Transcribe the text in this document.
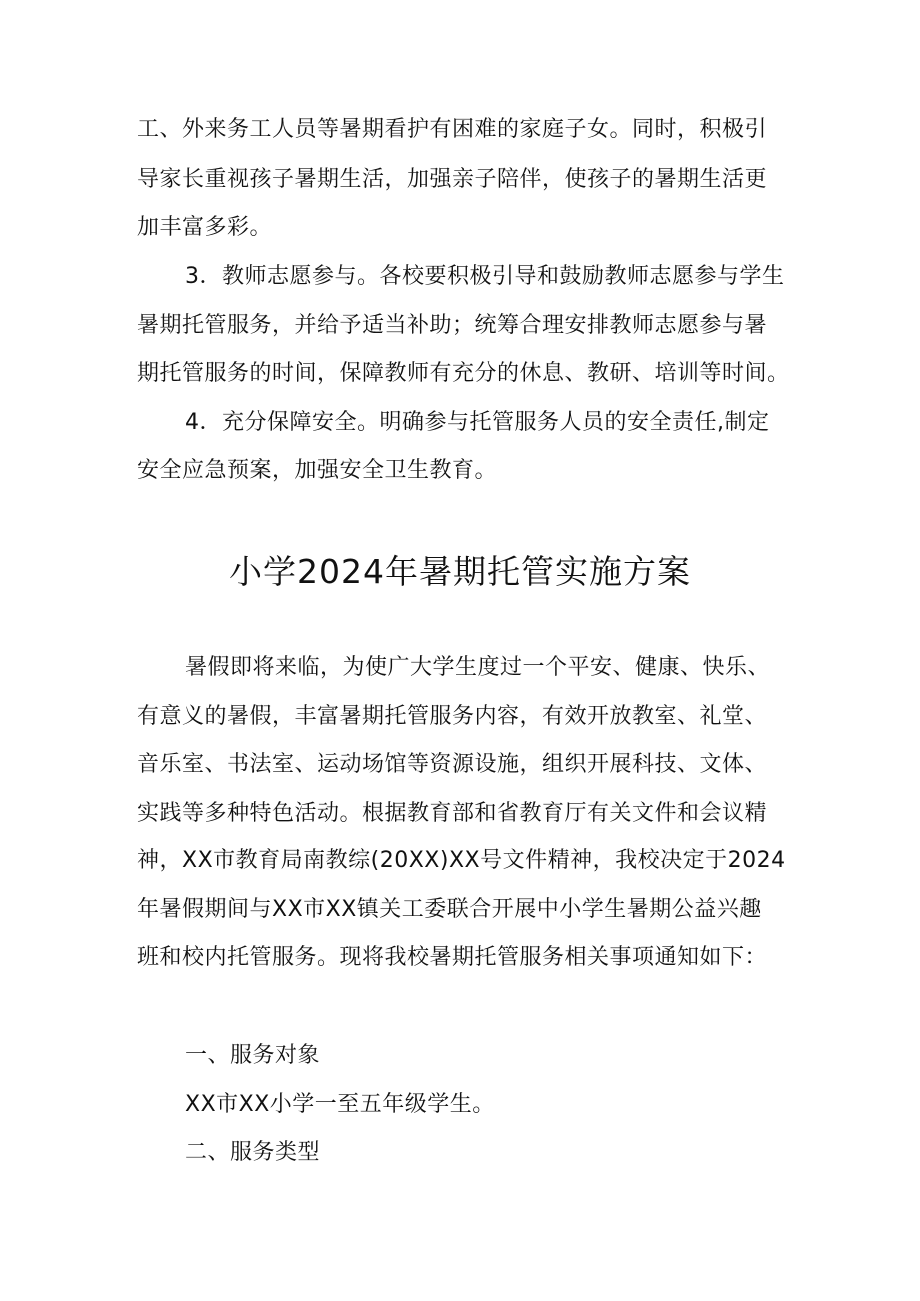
工、外来务工人员等暑期看护有困难的家庭子女。同时，积极引
导家长重视孩子暑期生活，加强亲子陪伴，使孩子的暑期生活更
加丰富多彩。
3．教师志愿参与。各校要积极引导和鼓励教师志愿参与学生
暑期托管服务，并给予适当补助；统筹合理安排教师志愿参与暑
期托管服务的时间，保障教师有充分的休息、教研、培训等时间。
4．充分保障安全。明确参与托管服务人员的安全责任,制定
安全应急预案，加强安全卫生教育。
小学2024年暑期托管实施方案
暑假即将来临，为使广大学生度过一个平安、健康、快乐、
有意义的暑假，丰富暑期托管服务内容，有效开放教室、礼堂、
音乐室、书法室、运动场馆等资源设施，组织开展科技、文体、
实践等多种特色活动。根据教育部和省教育厅有关文件和会议精
神，XX市教育局南教综(20XX)XX号文件精神，我校决定于2024
年暑假期间与XX市XX镇关工委联合开展中小学生暑期公益兴趣
班和校内托管服务。现将我校暑期托管服务相关事项通知如下：
一、服务对象
XX市XX小学一至五年级学生。
二、服务类型
